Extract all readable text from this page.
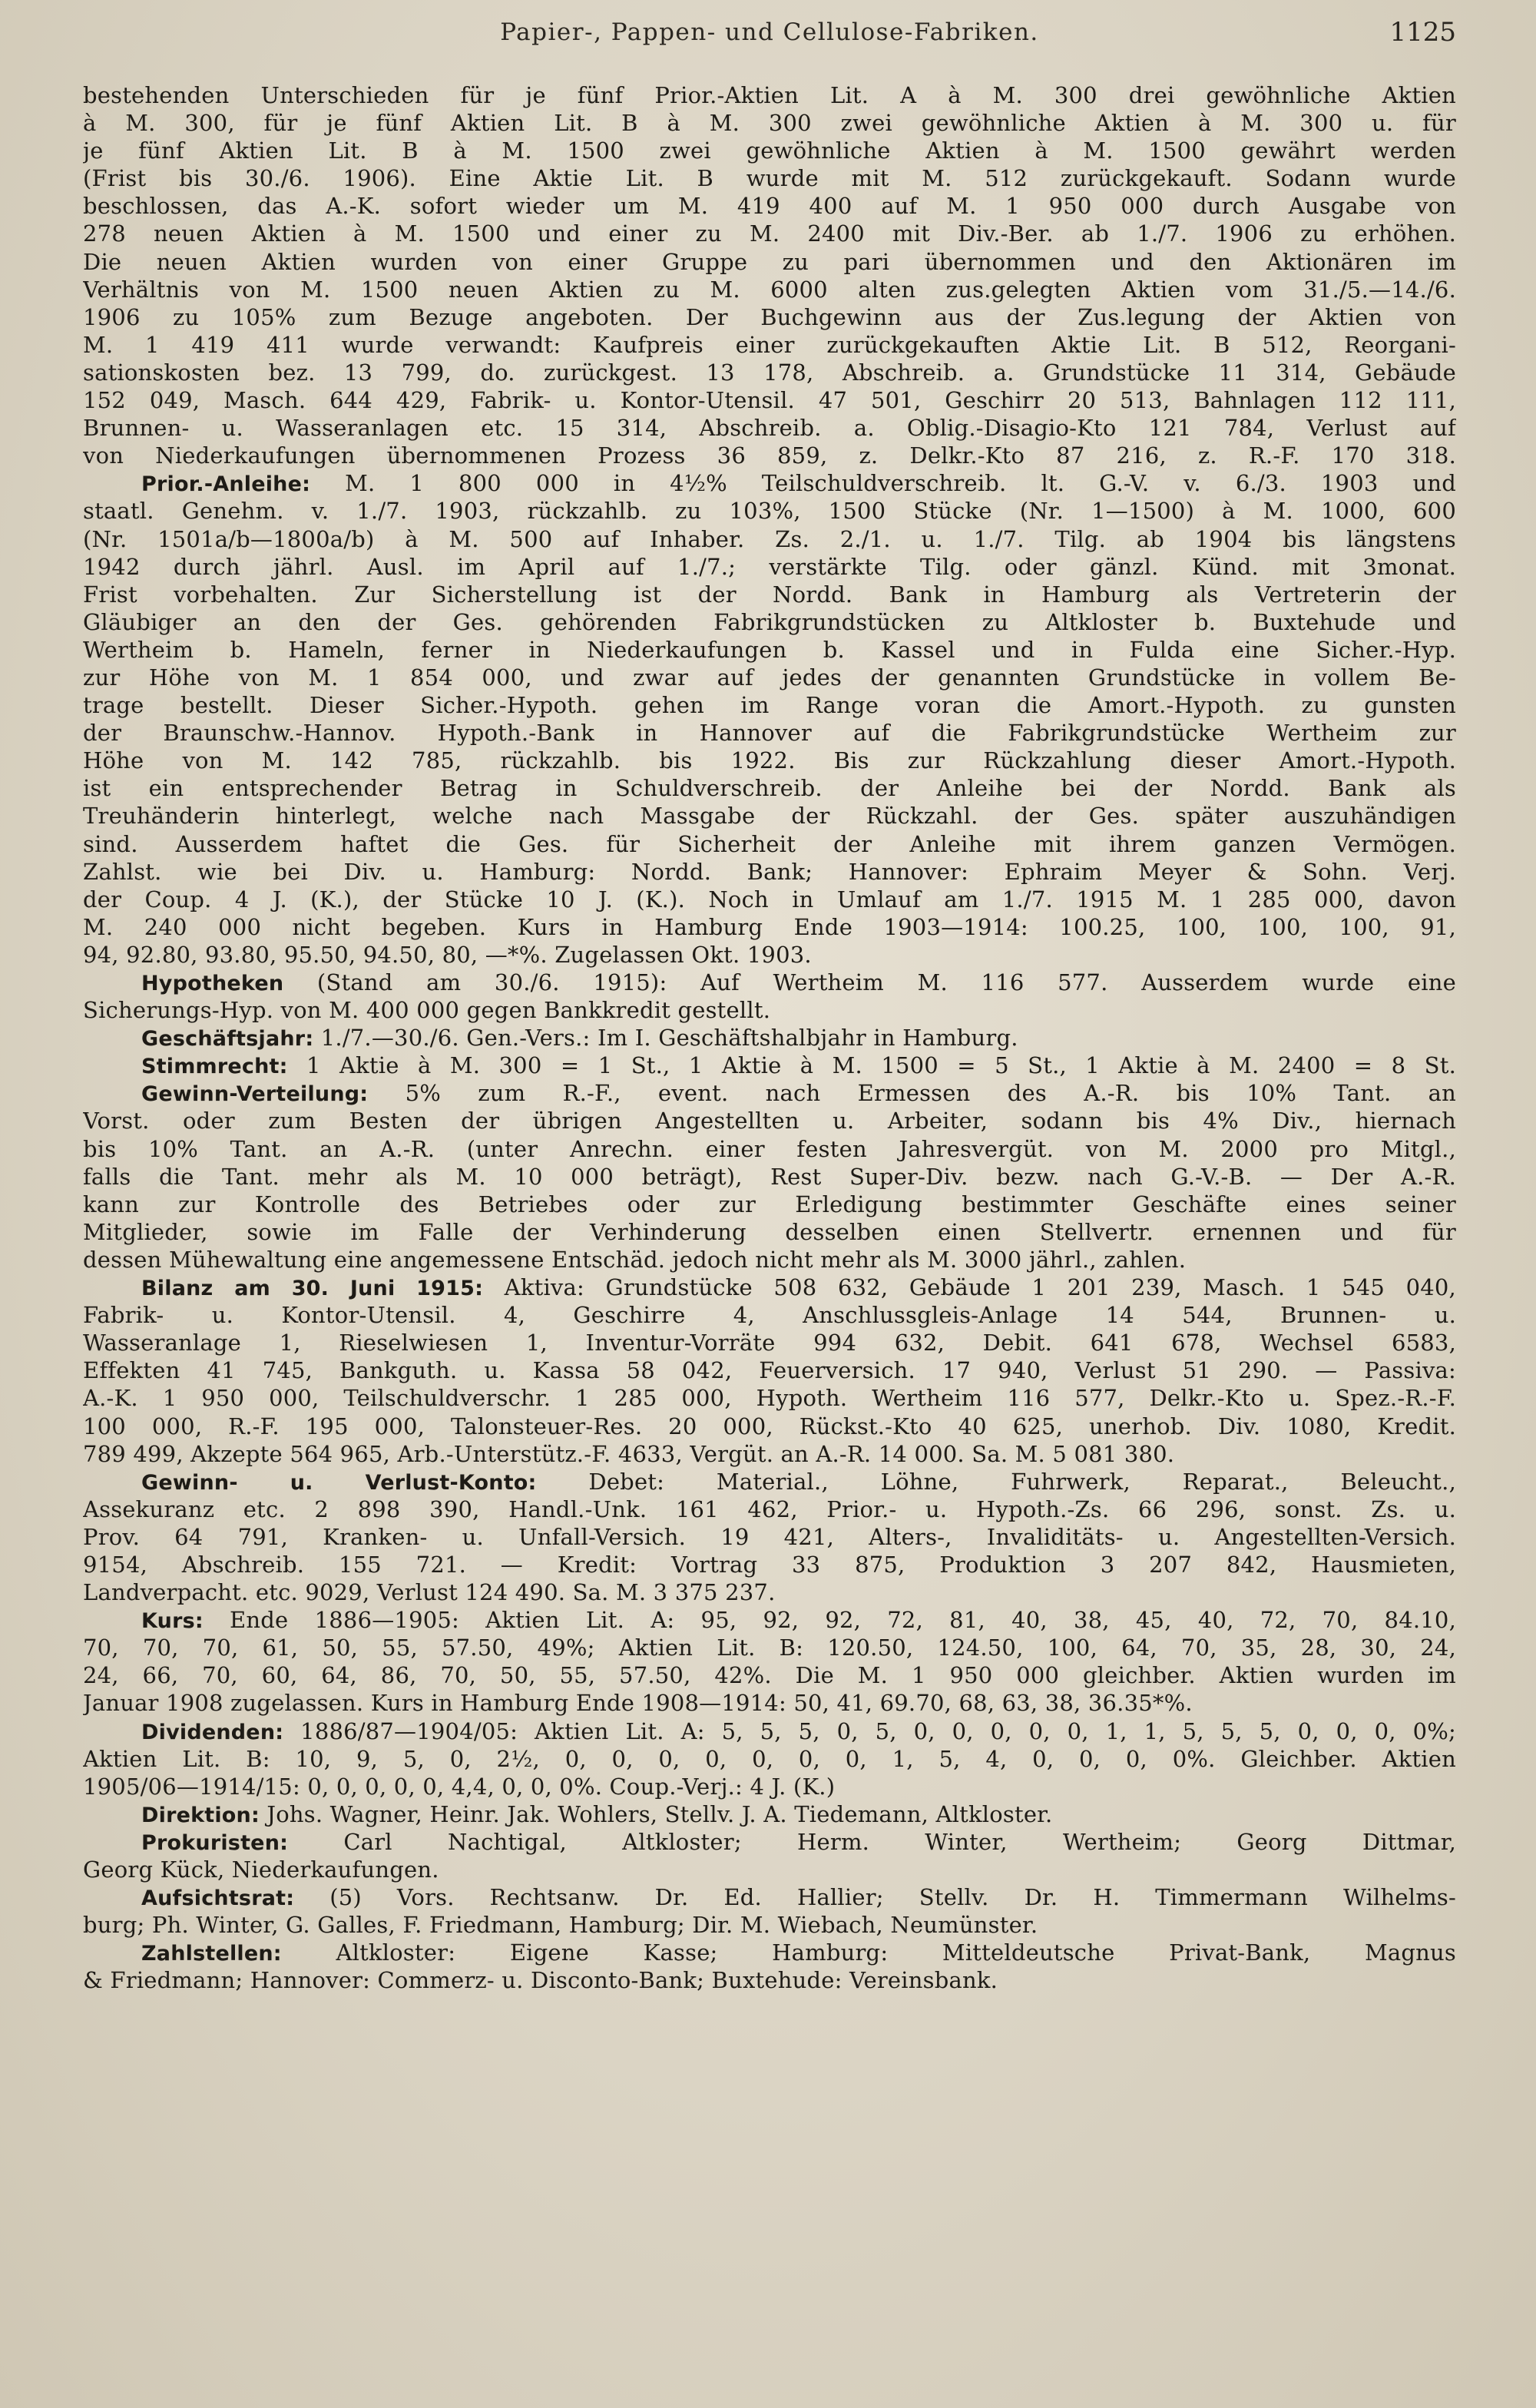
Papier-, Pappen- und Cellulose-Fabriken.	1125
bestehenden Unterschieden für je fünf Prior.-Aktien Lit. A à M. 300 drei gewöhnliche Aktien
à M. 300, für je fünf Aktien Lit. B à M. 300 zwei gewöhnliche Aktien à M. 300 u. für
je fünf Aktien Lit. B à M. 1500 zwei gewöhnliche Aktien à M. 1500 gewährt werden
(Frist bis 30./6. 1906). Eine Aktie Lit. B wurde mit M. 512 zurückgekauft. Sodann wurde
beschlossen, das A.-K. sofort wieder um M. 419 400 auf M. 1 950 000 durch Ausgabe von
278 neuen Aktien à M. 1500 und einer zu M. 2400 mit Div.-Ber. ab 1./7. 1906 zu erhöhen.
Die neuen Aktien wurden von einer Gruppe zu pari übernommen und den Aktionären im
Verhältnis von M. 1500 neuen Aktien zu M. 6000 alten zus.gelegten Aktien vom 31./5.—14./6.
1906 zu 105% zum Bezuge angeboten. Der Buchgewinn aus der Zus.legung der Aktien von
M. 1 419 411 wurde verwandt: Kaufpreis einer zurückgekauften Aktie Lit. B 512, Reorgani-
sationskosten bez. 13 799, do. zurückgest. 13 178, Abschreib. a. Grundstücke 11 314, Gebäude
152 049, Masch. 644 429, Fabrik- u. Kontor-Utensil. 47 501, Geschirr 20 513, Bahnlagen 112 111,
Brunnen- u. Wasseranlagen etc. 15 314, Abschreib. a. Oblig.-Disagio-Kto 121 784, Verlust auf
von Niederkaufungen übernommenen Prozess 36 859, z. Delkr.-Kto 87 216, z. R.-F. 170 318.
Prior.-Anleihe: M. 1 800 000 in 4½% Teilschuldverschreib. lt. G.-V. v. 6./3. 1903 und
staatl. Genehm. v. 1./7. 1903, rückzahlb. zu 103%, 1500 Stücke (Nr. 1—1500) à M. 1000, 600
(Nr. 1501a/b—1800a/b) à M. 500 auf Inhaber. Zs. 2./1. u. 1./7. Tilg. ab 1904 bis längstens
1942 durch jährl. Ausl. im April auf 1./7.; verstärkte Tilg. oder gänzl. Künd. mit 3monat.
Frist vorbehalten. Zur Sicherstellung ist der Nordd. Bank in Hamburg als Vertreterin der
Gläubiger an den der Ges. gehörenden Fabrikgrundstücken zu Altkloster b. Buxtehude und
Wertheim b. Hameln, ferner in Niederkaufungen b. Kassel und in Fulda eine Sicher.-Hyp.
zur Höhe von M. 1 854 000, und zwar auf jedes der genannten Grundstücke in vollem Be-
trage bestellt. Dieser Sicher.-Hypoth. gehen im Range voran die Amort.-Hypoth. zu gunsten
der Braunschw.-Hannov. Hypoth.-Bank in Hannover auf die Fabrikgrundstücke Wertheim zur
Höhe von M. 142 785, rückzahlb. bis 1922. Bis zur Rückzahlung dieser Amort.-Hypoth.
ist ein entsprechender Betrag in Schuldverschreib. der Anleihe bei der Nordd. Bank als
Treuhänderin hinterlegt, welche nach Massgabe der Rückzahl. der Ges. später auszuhändigen
sind. Ausserdem haftet die Ges. für Sicherheit der Anleihe mit ihrem ganzen Vermögen.
Zahlst. wie bei Div. u. Hamburg: Nordd. Bank; Hannover: Ephraim Meyer & Sohn. Verj.
der Coup. 4 J. (K.), der Stücke 10 J. (K.). Noch in Umlauf am 1./7. 1915 M. 1 285 000, davon
M. 240 000 nicht begeben. Kurs in Hamburg Ende 1903—1914: 100.25, 100, 100, 100, 91,
94, 92.80, 93.80, 95.50, 94.50, 80, —*%. Zugelassen Okt. 1903.
Hypotheken (Stand am 30./6. 1915): Auf Wertheim M. 116 577. Ausserdem wurde eine
Sicherungs-Hyp. von M. 400 000 gegen Bankkredit gestellt.
Geschäftsjahr: 1./7.—30./6. Gen.-Vers.: Im I. Geschäftshalbjahr in Hamburg.
Stimmrecht: 1 Aktie à M. 300 = 1 St., 1 Aktie à M. 1500 = 5 St., 1 Aktie à M. 2400 = 8 St.
Gewinn-Verteilung: 5% zum R.-F., event. nach Ermessen des A.-R. bis 10% Tant. an
Vorst. oder zum Besten der übrigen Angestellten u. Arbeiter, sodann bis 4% Div., hiernach
bis 10% Tant. an A.-R. (unter Anrechn. einer festen Jahresvergüt. von M. 2000 pro Mitgl.,
falls die Tant. mehr als M. 10 000 beträgt), Rest Super-Div. bezw. nach G.-V.-B. — Der A.-R.
kann zur Kontrolle des Betriebes oder zur Erledigung bestimmter Geschäfte eines seiner
Mitglieder, sowie im Falle der Verhinderung desselben einen Stellvertr. ernennen und für
dessen Mühewaltung eine angemessene Entschäd. jedoch nicht mehr als M. 3000 jährl., zahlen.
Bilanz am 30. Juni 1915: Aktiva: Grundstücke 508 632, Gebäude 1 201 239, Masch. 1 545 040,
Fabrik- u. Kontor-Utensil. 4, Geschirre 4, Anschlussgleis-Anlage 14 544, Brunnen- u.
Wasseranlage 1, Rieselwiesen 1, Inventur-Vorräte 994 632, Debit. 641 678, Wechsel 6583,
Effekten 41 745, Bankguth. u. Kassa 58 042, Feuerversich. 17 940, Verlust 51 290. — Passiva:
A.-K. 1 950 000, Teilschuldverschr. 1 285 000, Hypoth. Wertheim 116 577, Delkr.-Kto u. Spez.-R.-F.
100 000, R.-F. 195 000, Talonsteuer-Res. 20 000, Rückst.-Kto 40 625, unerhob. Div. 1080, Kredit.
789 499, Akzepte 564 965, Arb.-Unterstütz.-F. 4633, Vergüt. an A.-R. 14 000. Sa. M. 5 081 380.
Gewinn- u. Verlust-Konto: Debet: Material., Löhne, Fuhrwerk, Reparat., Beleucht.,
Assekuranz etc. 2 898 390, Handl.-Unk. 161 462, Prior.- u. Hypoth.-Zs. 66 296, sonst. Zs. u.
Prov. 64 791, Kranken- u. Unfall-Versich. 19 421, Alters-, Invaliditäts- u. Angestellten-Versich.
9154, Abschreib. 155 721. — Kredit: Vortrag 33 875, Produktion 3 207 842, Hausmieten,
Landverpacht. etc. 9029, Verlust 124 490. Sa. M. 3 375 237.
Kurs: Ende 1886—1905: Aktien Lit. A: 95, 92, 92, 72, 81, 40, 38, 45, 40, 72, 70, 84.10,
70, 70, 70, 61, 50, 55, 57.50, 49%; Aktien Lit. B: 120.50, 124.50, 100, 64, 70, 35, 28, 30, 24,
24, 66, 70, 60, 64, 86, 70, 50, 55, 57.50, 42%. Die M. 1 950 000 gleichber. Aktien wurden im
Januar 1908 zugelassen. Kurs in Hamburg Ende 1908—1914: 50, 41, 69.70, 68, 63, 38, 36.35*%.
Dividenden: 1886/87—1904/05: Aktien Lit. A: 5, 5, 5, 0, 5, 0, 0, 0, 0, 0, 1, 1, 5, 5, 5, 0, 0, 0, 0%;
Aktien Lit. B: 10, 9, 5, 0, 2½, 0, 0, 0, 0, 0, 0, 0, 1, 5, 4, 0, 0, 0, 0%. Gleichber. Aktien
1905/06—1914/15: 0, 0, 0, 0, 0, 4,4, 0, 0, 0%. Coup.-Verj.: 4 J. (K.)
Direktion: Johs. Wagner, Heinr. Jak. Wohlers, Stellv. J. A. Tiedemann, Altkloster.
Prokuristen: Carl Nachtigal, Altkloster; Herm. Winter, Wertheim; Georg Dittmar,
Georg Kück, Niederkaufungen.
Aufsichtsrat: (5) Vors. Rechtsanw. Dr. Ed. Hallier; Stellv. Dr. H. Timmermann Wilhelms-
burg; Ph. Winter, G. Galles, F. Friedmann, Hamburg; Dir. M. Wiebach, Neumünster.
Zahlstellen: Altkloster: Eigene Kasse; Hamburg: Mitteldeutsche Privat-Bank, Magnus
& Friedmann; Hannover: Commerz- u. Disconto-Bank; Buxtehude: Vereinsbank.
